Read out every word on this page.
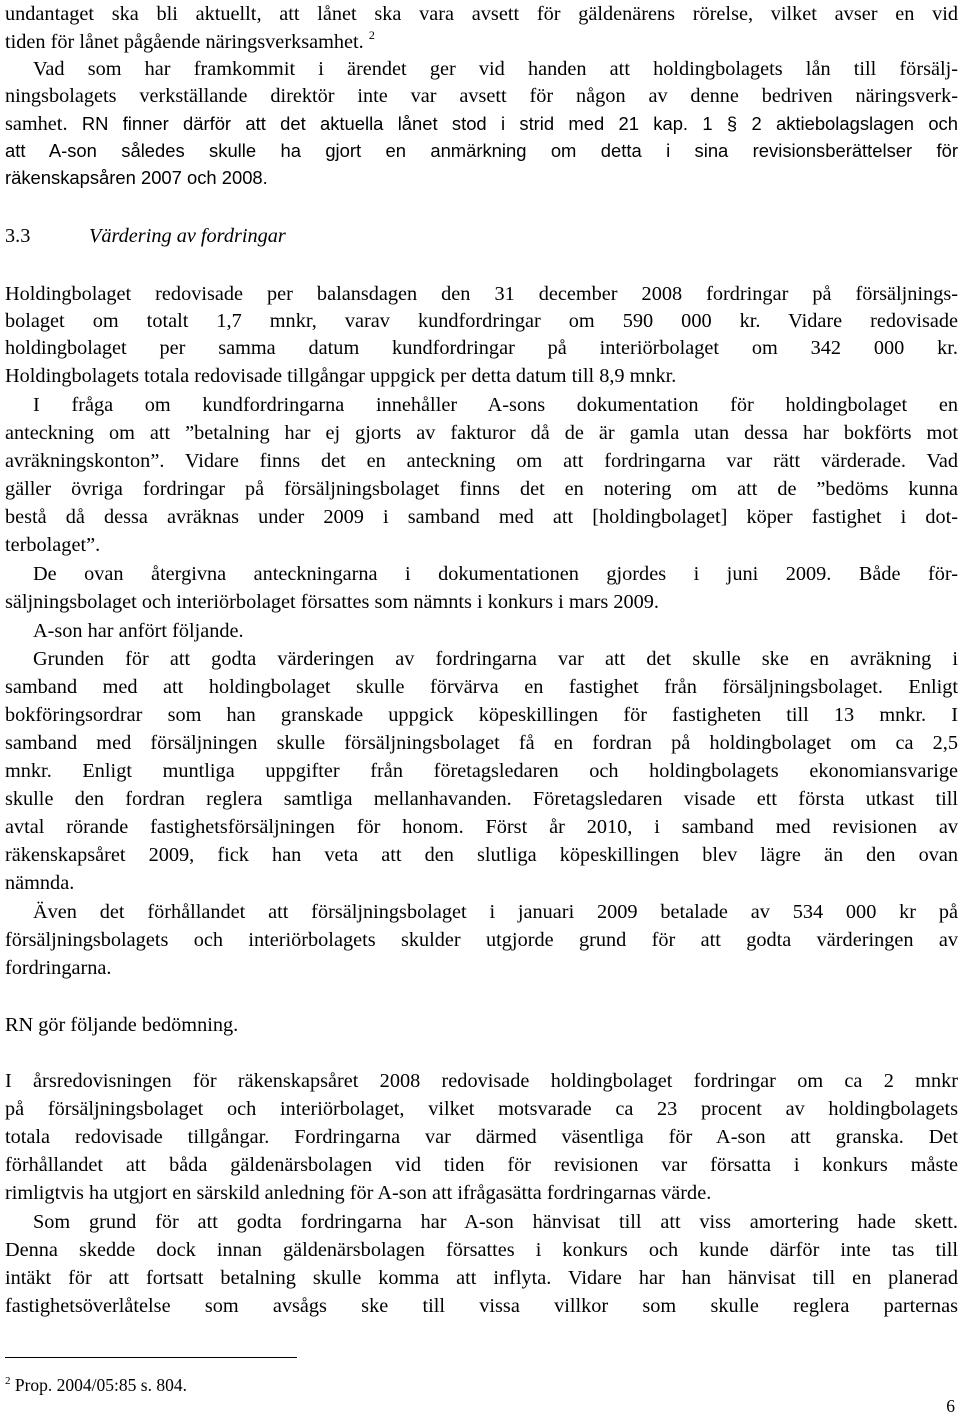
undantaget ska bli aktuellt, att lånet ska vara avsett för gäldenärens rörelse, vilket avser en vid
tiden för lånet pågående näringsverksamhet. $^2$
Vad som har framkommit i ärendet ger vid handen att holdingbolagets lån till försälj-
ningsbolagets verkställande direktör inte var avsett för någon av denne bedriven näringsverk-
samhet. RN finner därför att det aktuella lånet stod i strid med 21 kap. 1 § 2 aktiebolagslagen och
att A-son således skulle ha gjort en anmärkning om detta i sina revisionsberättelser för
räkenskapsåren 2007 och 2008.
3.3	Värdering av fordringar
Holdingbolaget redovisade per balansdagen den 31 december 2008 fordringar på försäljnings-
bolaget om totalt 1,7 mnkr, varav kundfordringar om 590 000 kr. Vidare redovisade
holdingbolaget per samma datum kundfordringar på interiörbolaget om 342 000 kr.
Holdingbolagets totala redovisade tillgångar uppgick per detta datum till 8,9 mnkr.
I fråga om kundfordringarna innehåller A-sons dokumentation för holdingbolaget en
anteckning om att ”betalning har ej gjorts av fakturor då de är gamla utan dessa har bokförts mot
avräkningskonton”. Vidare finns det en anteckning om att fordringarna var rätt värderade. Vad
gäller övriga fordringar på försäljningsbolaget finns det en notering om att de ”bedöms kunna
bestå då dessa avräknas under 2009 i samband med att [holdingbolaget] köper fastighet i dot-
terbolaget”.
De ovan återgivna anteckningarna i dokumentationen gjordes i juni 2009. Både för-
säljningsbolaget och interiörbolaget försattes som nämnts i konkurs i mars 2009.
A-son har anfört följande.
Grunden för att godta värderingen av fordringarna var att det skulle ske en avräkning i
samband med att holdingbolaget skulle förvärva en fastighet från försäljningsbolaget. Enligt
bokföringsordrar som han granskade uppgick köpeskillingen för fastigheten till 13 mnkr. I
samband med försäljningen skulle försäljningsbolaget få en fordran på holdingbolaget om ca 2,5
mnkr. Enligt muntliga uppgifter från företagsledaren och holdingbolagets ekonomiansvarige
skulle den fordran reglera samtliga mellanhavanden. Företagsledaren visade ett första utkast till
avtal rörande fastighetsförsäljningen för honom. Först år 2010, i samband med revisionen av
räkenskapsåret 2009, fick han veta att den slutliga köpeskillingen blev lägre än den ovan
nämnda.
Även det förhållandet att försäljningsbolaget i januari 2009 betalade av 534 000 kr på
försäljningsbolagets och interiörbolagets skulder utgjorde grund för att godta värderingen av
fordringarna.
RN gör följande bedömning.
I årsredovisningen för räkenskapsåret 2008 redovisade holdingbolaget fordringar om ca 2 mnkr
på försäljningsbolaget och interiörbolaget, vilket motsvarade ca 23 procent av holdingbolagets
totala redovisade tillgångar. Fordringarna var därmed väsentliga för A-son att granska. Det
förhållandet att båda gäldenärsbolagen vid tiden för revisionen var försatta i konkurs måste
rimligtvis ha utgjort en särskild anledning för A-son att ifrågasätta fordringarnas värde.
Som grund för att godta fordringarna har A-son hänvisat till att viss amortering hade skett.
Denna skedde dock innan gäldenärsbolagen försattes i konkurs och kunde därför inte tas till
intäkt för att fortsatt betalning skulle komma att inflyta. Vidare har han hänvisat till en planerad
fastighetsöverlåtelse som avsågs ske till vissa villkor som skulle reglera parternas
$^2$ Prop. 2004/05:85 s. 804.
6
